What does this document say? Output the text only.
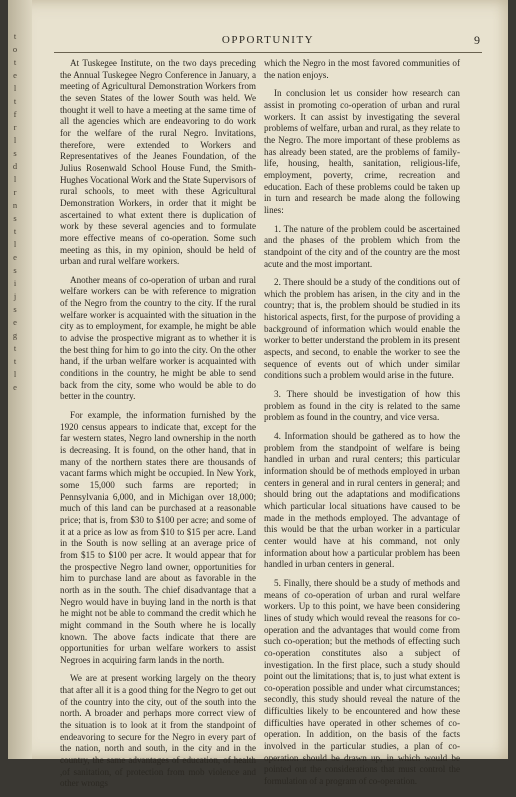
t
o
t
e
l
t
f
r
l
s
d
l
r
n
s
t
l
e
s
i
j
s
e
g
t
t
l
e
OPPORTUNITY	9

At Tuskegee Institute, on the two days preceding the Annual Tuskegee Negro Conference in January, a meeting of Agricultural Demonstration Workers from the seven States of the lower South was held. We thought it well to have a meeting at the same time of all the agencies which are endeavoring to do work for the welfare of the rural Negro. Invitations, therefore, were extended to Workers and Representatives of the Jeanes Foundation, of the Julius Rosenwald School House Fund, the Smith-Hughes Vocational Work and the State Supervisors of rural schools, to meet with these Agricultural Demonstration Workers, in order that it might be ascertained to what extent there is duplication of work by these several agencies and to formulate more effective means of co-operation. Some such meeting as this, in my opinion, should be held of urban and rural welfare workers.

Another means of co-operation of urban and rural welfare workers can be with reference to migration of the Negro from the country to the city. If the rural welfare worker is acquainted with the situation in the city as to employment, for example, he might be able to advise the prospective migrant as to whether it is the best thing for him to go into the city. On the other hand, if the urban welfare worker is acquainted with conditions in the country, he might be able to send back from the city, some who would be able to do better in the country.

For example, the information furnished by the 1920 census appears to indicate that, except for the far western states, Negro land ownership in the north is decreasing. It is found, on the other hand, that in many of the northern states there are thousands of vacant farms which might be occupied. In New York, some 15,000 such farms are reported; in Pennsylvania 6,000, and in Michigan over 18,000; much of this land can be purchased at a reasonable price; that is, from $30 to $100 per acre; and some of it at a price as low as from $10 to $15 per acre. Land in the South is now selling at an average price of from $15 to $100 per acre. It would appear that for the prospective Negro land owner, opportunities for him to purchase land are about as favorable in the north as in the south. The chief disadvantage that a Negro would have in buying land in the north is that he might not be able to command the credit which he might command in the South where he is locally known. The above facts indicate that there are opportunities for urban welfare workers to assist Negroes in acquiring farm lands in the north.

We are at present working largely on the theory that after all it is a good thing for the Negro to get out of the country into the city, out of the south into the north. A broader and perhaps more correct view of the situation is to look at it from the standpoint of endeavoring to secure for the Negro in every part of the nation, north and south, in the city and in the country, the same advantages of education, of health ,of sanitation, of protection from mob violence and other wrongs

which the Negro in the most favored communities of the nation enjoys.

In conclusion let us consider how research can assist in promoting co-operation of urban and rural workers. It can assist by investigating the several problems of welfare, urban and rural, as they relate to the Negro. The more important of these problems as has already been stated, are the problems of family-life, housing, health, sanitation, religious-life, employment, poverty, crime, recreation and education. Each of these problems could be taken up in turn and research be made along the following lines:

1. The nature of the problem could be ascertained and the phases of the problem which from the standpoint of the city and of the country are the most acute and the most important.

2. There should be a study of the conditions out of which the problem has arisen, in the city and in the country; that is, the problem should be studied in its historical aspects, first, for the purpose of providing a background of information which would enable the worker to better understand the problem in its present aspects, and second, to enable the worker to see the sequence of events out of which under similar conditions such a problem would arise in the future.

3. There should be investigation of how this problem as found in the city is related to the same problem as found in the country, and vice versa.

4. Information should be gathered as to how the problem from the standpoint of welfare is being handled in urban and rural centers; this particular information should be of methods employed in urban centers in general and in rural centers in general; and should bring out the adaptations and modifications which particular local situations have caused to be made in the methods employed. The advantage of this would be that the urban worker in a particular center would have at his command, not only information about how a particular problem has been handled in urban centers in general.

5. Finally, there should be a study of methods and means of co-operation of urban and rural welfare workers. Up to this point, we have been considering lines of study which would reveal the reasons for co-operation and the advantages that would come from such co-operation; but the methods of effecting such co-operation constitutes also a subject of investigation. In the first place, such a study should point out the limitations; that is, to just what extent is co-operation possible and under what circumstances; secondly, this study should reveal the nature of the difficulties likely to be encountered and how these difficulties have operated in other schemes of co-operation. In addition, on the basis of the facts involved in the particular studies, a plan of co-operation should be drawn up, in which would be pointed out the considerations that must control the formulation of a program of co-operation.
